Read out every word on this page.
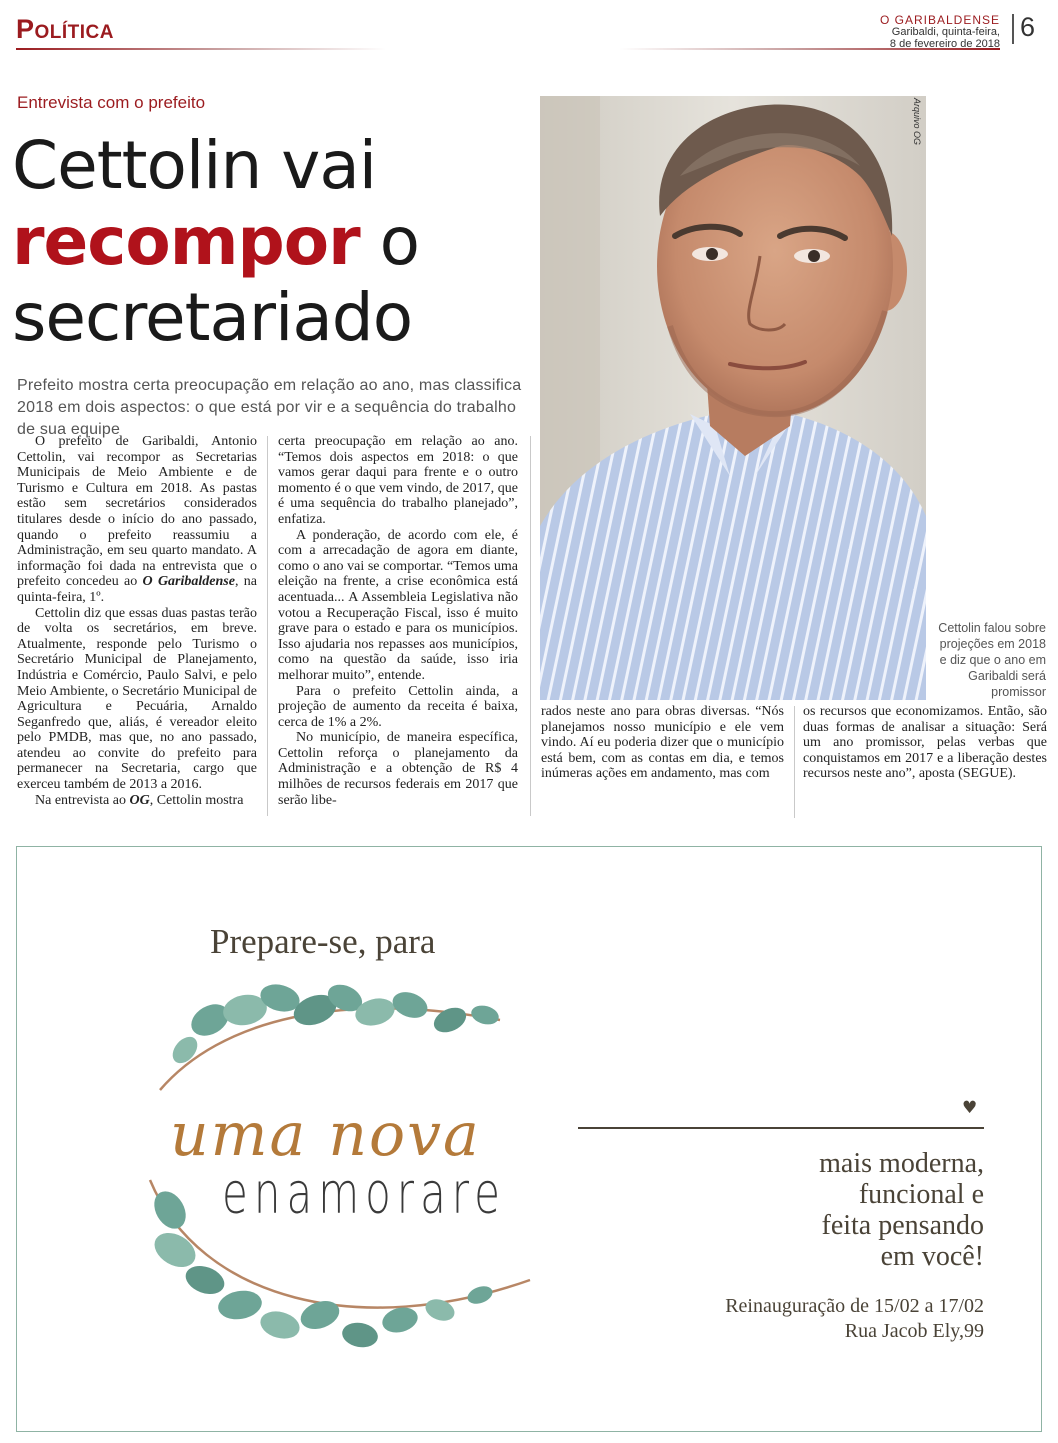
Política	O GARIBALDENSE
Garibaldi, quinta-feira,
8 de fevereiro de 2018
6
Entrevista com o prefeito
Cettolin vai
recompor o
secretariado
Prefeito mostra certa preocupação em relação ao ano, mas classifica 2018 em dois aspectos: o que está por vir e a sequência do trabalho de sua equipe

O prefeito de Garibaldi, Antonio Cettolin, vai recompor as Secretarias Municipais de Meio Ambiente e de Turismo e Cultura em 2018. As pastas estão sem secretários considerados titulares desde o início do ano passado, quando o prefeito reassumiu a Administração, em seu quarto mandato. A informação foi dada na entrevista que o prefeito concedeu ao O Garibaldense, na quinta-feira, 1º.

Cettolin diz que essas duas pastas terão de volta os secretários, em breve. Atualmente, responde pelo Turismo o Secretário Municipal de Planejamento, Indústria e Comércio, Paulo Salvi, e pelo Meio Ambiente, o Secretário Municipal de Agricultura e Pecuária, Arnaldo Seganfredo que, aliás, é vereador eleito pelo PMDB, mas que, no ano passado, atendeu ao convite do prefeito para permanecer na Secretaria, cargo que exerceu também de 2013 a 2016.

Na entrevista ao OG, Cettolin mostra

certa preocupação em relação ao ano. “Temos dois aspectos em 2018: o que vamos gerar daqui para frente e o outro momento é o que vem vindo, de 2017, que é uma sequência do trabalho planejado”, enfatiza.

A ponderação, de acordo com ele, é com a arrecadação de agora em diante, como o ano vai se comportar. “Temos uma eleição na frente, a crise econômica está acentuada... A Assembleia Legislativa não votou a Recuperação Fiscal, isso é muito grave para o estado e para os municípios. Isso ajudaria nos repasses aos municípios, como na questão da saúde, isso iria melhorar muito”, entende.

Para o prefeito Cettolin ainda, a projeção de aumento da receita é baixa, cerca de 1% a 2%.

No município, de maneira específica, Cettolin reforça o planejamento da Administração e a obtenção de R$ 4 milhões de recursos federais em 2017 que serão libe-

rados neste ano para obras diversas. “Nós planejamos nosso município e ele vem vindo. Aí eu poderia dizer que o município está bem, com as contas em dia, e temos inúmeras ações em andamento, mas com

os recursos que economizamos. Então, são duas formas de analisar a situação: Será um ano promissor, pelas verbas que conquistamos em 2017 e a liberação destes recursos neste ano”, aposta (SEGUE).

Arquivo OG
Cettolin falou sobre projeções em 2018 e diz que o ano em Garibaldi será promissor
Prepare-se, para
uma nova
enamorare
♥
mais moderna,
funcional e
feita pensando
em você!
Reinauguração de 15/02 a 17/02
Rua Jacob Ely,99
